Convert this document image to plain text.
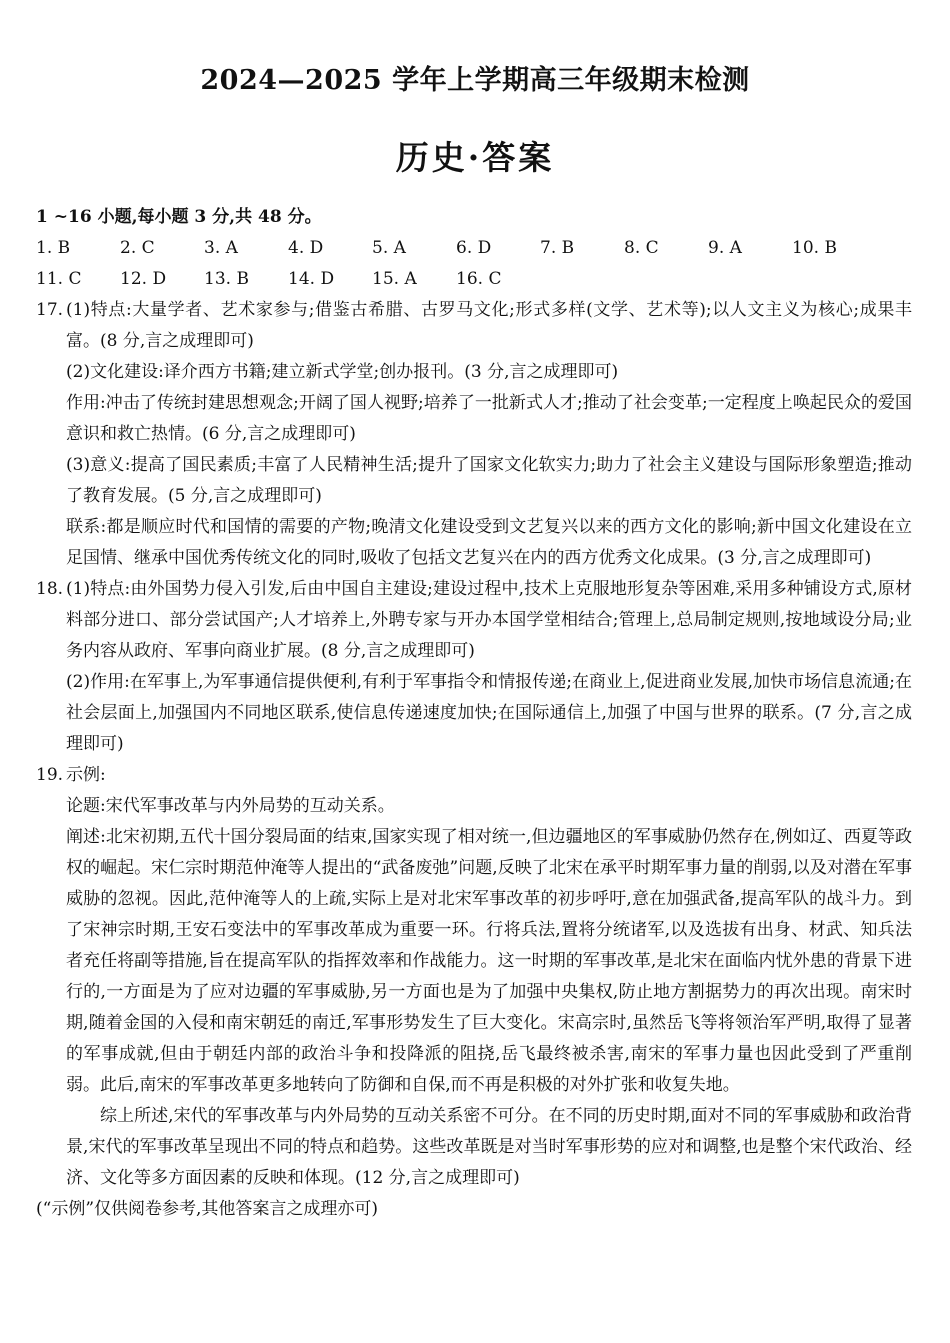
2024—2025 学年上学期高三年级期末检测
历史·答案
1 ~16 小题,每小题 3 分,共 48 分。
1. B	2. C	3. A	4. D	5. A	6. D	7. B	8. C	9. A	10. B
11. C 12. D 13. B 14. D 15. A 16. C
17. (1)特点:大量学者、艺术家参与;借鉴古希腊、古罗马文化;形式多样(文学、艺术等);以人文主义为核心;成果丰富。(8 分,言之成理即可)
(2)文化建设:译介西方书籍;建立新式学堂;创办报刊。(3 分,言之成理即可)
作用:冲击了传统封建思想观念;开阔了国人视野;培养了一批新式人才;推动了社会变革;一定程度上唤起民众的爱国意识和救亡热情。(6 分,言之成理即可)
(3)意义:提高了国民素质;丰富了人民精神生活;提升了国家文化软实力;助力了社会主义建设与国际形象塑造;推动了教育发展。(5 分,言之成理即可)
联系:都是顺应时代和国情的需要的产物;晚清文化建设受到文艺复兴以来的西方文化的影响;新中国文化建设在立足国情、继承中国优秀传统文化的同时,吸收了包括文艺复兴在内的西方优秀文化成果。(3 分,言之成理即可)
18. (1)特点:由外国势力侵入引发,后由中国自主建设;建设过程中,技术上克服地形复杂等困难,采用多种铺设方式,原材料部分进口、部分尝试国产;人才培养上,外聘专家与开办本国学堂相结合;管理上,总局制定规则,按地域设分局;业务内容从政府、军事向商业扩展。(8 分,言之成理即可)
(2)作用:在军事上,为军事通信提供便利,有利于军事指令和情报传递;在商业上,促进商业发展,加快市场信息流通;在社会层面上,加强国内不同地区联系,使信息传递速度加快;在国际通信上,加强了中国与世界的联系。(7 分,言之成理即可)
19. 示例:
论题:宋代军事改革与内外局势的互动关系。
阐述:北宋初期,五代十国分裂局面的结束,国家实现了相对统一,但边疆地区的军事威胁仍然存在,例如辽、西夏等政权的崛起。宋仁宗时期范仲淹等人提出的“武备废弛”问题,反映了北宋在承平时期军事力量的削弱,以及对潜在军事威胁的忽视。因此,范仲淹等人的上疏,实际上是对北宋军事改革的初步呼吁,意在加强武备,提高军队的战斗力。到了宋神宗时期,王安石变法中的军事改革成为重要一环。行将兵法,置将分统诸军,以及选拔有出身、材武、知兵法者充任将副等措施,旨在提高军队的指挥效率和作战能力。这一时期的军事改革,是北宋在面临内忧外患的背景下进行的,一方面是为了应对边疆的军事威胁,另一方面也是为了加强中央集权,防止地方割据势力的再次出现。南宋时期,随着金国的入侵和南宋朝廷的南迁,军事形势发生了巨大变化。宋高宗时,虽然岳飞等将领治军严明,取得了显著的军事成就,但由于朝廷内部的政治斗争和投降派的阻挠,岳飞最终被杀害,南宋的军事力量也因此受到了严重削弱。此后,南宋的军事改革更多地转向了防御和自保,而不再是积极的对外扩张和收复失地。
综上所述,宋代的军事改革与内外局势的互动关系密不可分。在不同的历史时期,面对不同的军事威胁和政治背景,宋代的军事改革呈现出不同的特点和趋势。这些改革既是对当时军事形势的应对和调整,也是整个宋代政治、经济、文化等多方面因素的反映和体现。(12 分,言之成理即可)
(“示例”仅供阅卷参考,其他答案言之成理亦可)
